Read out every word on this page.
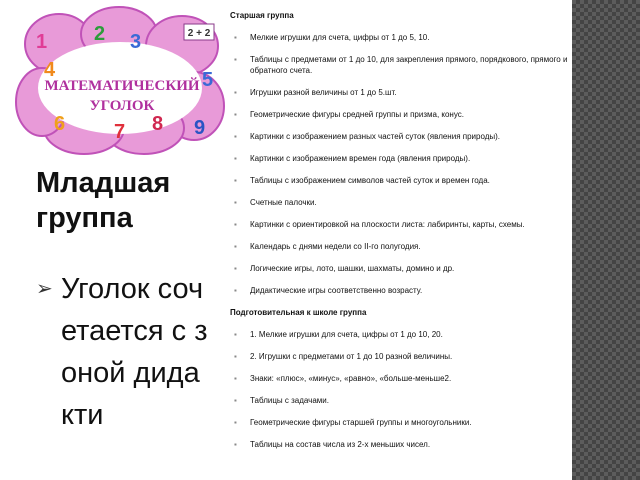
1 2 3
4	5
6 7 8 9
2 + 2
МАТЕМАТИЧЕСКИЙ
УГОЛОК
Младшая группа
➢ Уголок сочетается с зоной дидакти
Старшая группа
▪ Мелкие игрушки для счета, цифры от 1 до 5, 10.
▪ Таблицы с предметами от 1 до 10, для закрепления прямого, порядкового, прямого и обратного счета.
▪ Игрушки разной величины от 1 до 5.шт.
▪ Геометрические фигуры средней группы и призма, конус.
▪ Картинки с изображением разных частей суток (явления природы).
▪ Картинки с изображением времен года (явления природы).
▪ Таблицы с изображением символов частей суток и времен года.
▪ Счетные палочки.
▪ Картинки с ориентировкой на плоскости листа: лабиринты, карты, схемы.
▪ Календарь с днями недели со II-го полугодия.
▪ Логические игры, лото, шашки, шахматы, домино и др.
▪ Дидактические игры соответственно возрасту.
Подготовительная к школе группа
▪ 1. Мелкие игрушки для счета, цифры от 1 до 10, 20.
▪ 2. Игрушки с предметами от 1 до 10 разной величины.
▪ Знаки: «плюс», «минус», «равно», «больше-меньше2.
▪ Таблицы с задачами.
▪ Геометрические фигуры старшей группы и многоугольники.
▪ Таблицы на состав числа из 2-х меньших чисел.
